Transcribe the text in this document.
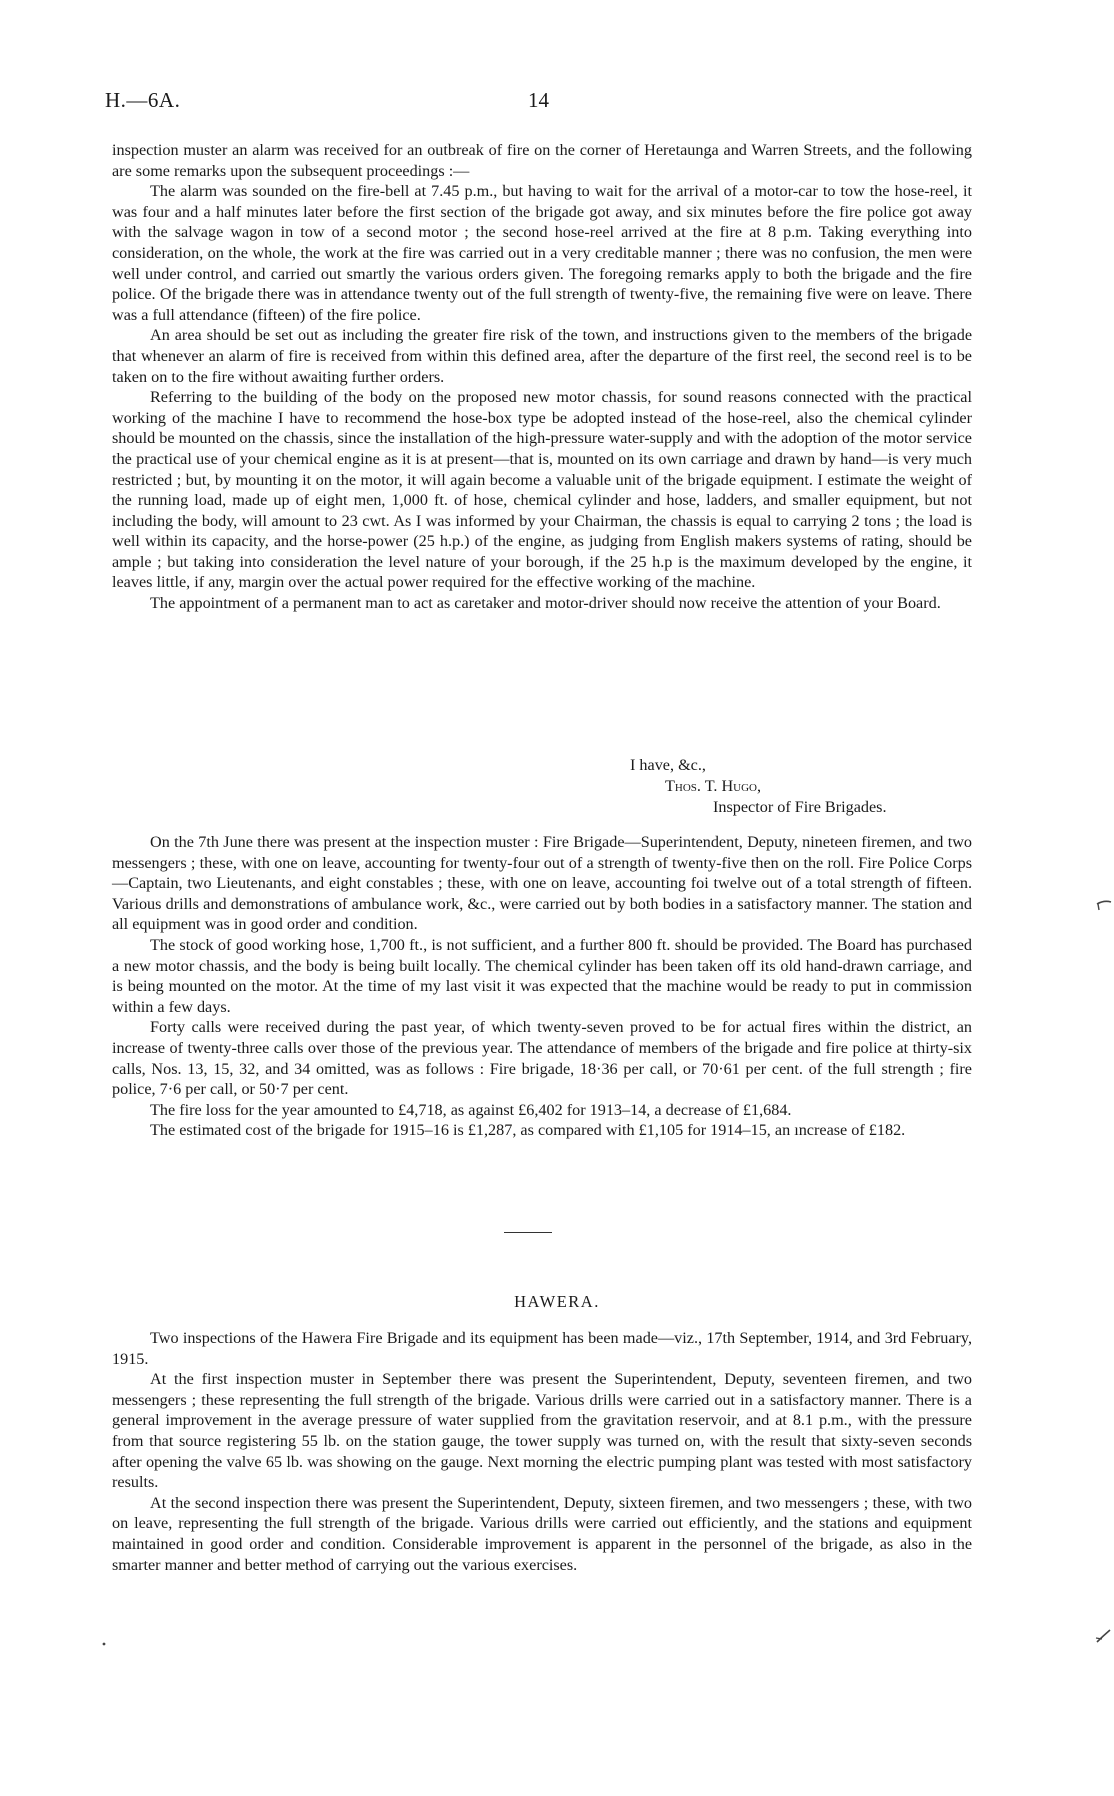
H.—6A.	14

inspection muster an alarm was received for an outbreak of fire on the corner of Heretaunga and Warren Streets, and the following are some remarks upon the subsequent proceedings :—

The alarm was sounded on the fire-bell at 7.45 p.m., but having to wait for the arrival of a motor-car to tow the hose-reel, it was four and a half minutes later before the first section of the brigade got away, and six minutes before the fire police got away with the salvage wagon in tow of a second motor ; the second hose-reel arrived at the fire at 8 p.m. Taking everything into consideration, on the whole, the work at the fire was carried out in a very creditable manner ; there was no confusion, the men were well under control, and carried out smartly the various orders given. The foregoing remarks apply to both the brigade and the fire police. Of the brigade there was in attendance twenty out of the full strength of twenty-five, the remaining five were on leave. There was a full attendance (fifteen) of the fire police.

An area should be set out as including the greater fire risk of the town, and instructions given to the members of the brigade that whenever an alarm of fire is received from within this defined area, after the departure of the first reel, the second reel is to be taken on to the fire without awaiting further orders.

Referring to the building of the body on the proposed new motor chassis, for sound reasons connected with the practical working of the machine I have to recommend the hose-box type be adopted instead of the hose-reel, also the chemical cylinder should be mounted on the chassis, since the installation of the high-pressure water-supply and with the adoption of the motor service the practical use of your chemical engine as it is at present—that is, mounted on its own carriage and drawn by hand—is very much restricted ; but, by mounting it on the motor, it will again become a valuable unit of the brigade equipment. I estimate the weight of the running load, made up of eight men, 1,000 ft. of hose, chemical cylinder and hose, ladders, and smaller equipment, but not including the body, will amount to 23 cwt. As I was informed by your Chairman, the chassis is equal to carrying 2 tons ; the load is well within its capacity, and the horse-power (25 h.p.) of the engine, as judging from English makers systems of rating, should be ample ; but taking into consideration the level nature of your borough, if the 25 h.p is the maximum developed by the engine, it leaves little, if any, margin over the actual power required for the effective working of the machine.

The appointment of a permanent man to act as caretaker and motor-driver should now receive the attention of your Board.

I have, &c.,
Thos. T. Hugo,
Inspector of Fire Brigades.

On the 7th June there was present at the inspection muster : Fire Brigade—Superintendent, Deputy, nineteen firemen, and two messengers ; these, with one on leave, accounting for twenty-four out of a strength of twenty-five then on the roll. Fire Police Corps—Captain, two Lieutenants, and eight constables ; these, with one on leave, accounting foi twelve out of a total strength of fifteen. Various drills and demonstrations of ambulance work, &c., were carried out by both bodies in a satisfactory manner. The station and all equipment was in good order and condition.

The stock of good working hose, 1,700 ft., is not sufficient, and a further 800 ft. should be provided. The Board has purchased a new motor chassis, and the body is being built locally. The chemical cylinder has been taken off its old hand-drawn carriage, and is being mounted on the motor. At the time of my last visit it was expected that the machine would be ready to put in commission within a few days.

Forty calls were received during the past year, of which twenty-seven proved to be for actual fires within the district, an increase of twenty-three calls over those of the previous year. The attendance of members of the brigade and fire police at thirty-six calls, Nos. 13, 15, 32, and 34 omitted, was as follows : Fire brigade, 18·36 per call, or 70·61 per cent. of the full strength ; fire police, 7·6 per call, or 50·7 per cent.

The fire loss for the year amounted to £4,718, as against £6,402 for 1913–14, a decrease of £1,684.

The estimated cost of the brigade for 1915–16 is £1,287, as compared with £1,105 for 1914–15, an ıncrease of £182.

HAWERA.

Two inspections of the Hawera Fire Brigade and its equipment has been made—viz., 17th September, 1914, and 3rd February, 1915.

At the first inspection muster in September there was present the Superintendent, Deputy, seventeen firemen, and two messengers ; these representing the full strength of the brigade. Various drills were carried out in a satisfactory manner. There is a general improvement in the average pressure of water supplied from the gravitation reservoir, and at 8.1 p.m., with the pressure from that source registering 55 lb. on the station gauge, the tower supply was turned on, with the result that sixty-seven seconds after opening the valve 65 lb. was showing on the gauge. Next morning the electric pumping plant was tested with most satisfactory results.

At the second inspection there was present the Superintendent, Deputy, sixteen firemen, and two messengers ; these, with two on leave, representing the full strength of the brigade. Various drills were carried out efficiently, and the stations and equipment maintained in good order and condition. Considerable improvement is apparent in the personnel of the brigade, as also in the smarter manner and better method of carrying out the various exercises.
